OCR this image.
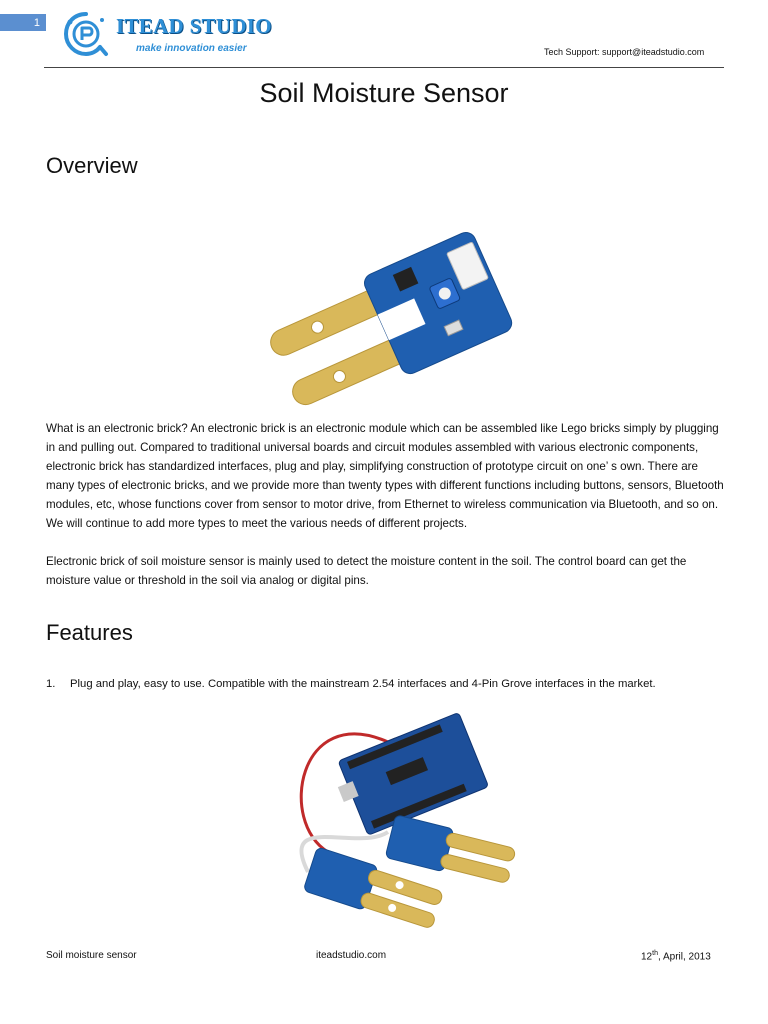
1	ITEAD STUDIO
make innovation easier	Tech Support: support@iteadstudio.com
Soil Moisture Sensor
Overview

What is an electronic brick? An electronic brick is an electronic module which can be assembled like Lego bricks simply by plugging in and pulling out. Compared to traditional universal boards and circuit modules assembled with various electronic components, electronic brick has standardized interfaces, plug and play, simplifying construction of prototype circuit on one’ s own. There are many types of electronic bricks, and we provide more than twenty types with different functions including buttons, sensors, Bluetooth modules, etc, whose functions cover from sensor to motor drive, from Ethernet to wireless communication via Bluetooth, and so on. We will continue to add more types to meet the various needs of different projects.

Electronic brick of soil moisture sensor is mainly used to detect the moisture content in the soil. The control board can get the moisture value or threshold in the soil via analog or digital pins.

Features
1. Plug and play, easy to use. Compatible with the mainstream 2.54 interfaces and 4-Pin Grove interfaces in the market.
Soil moisture sensor	iteadstudio.com	12th, April, 2013
